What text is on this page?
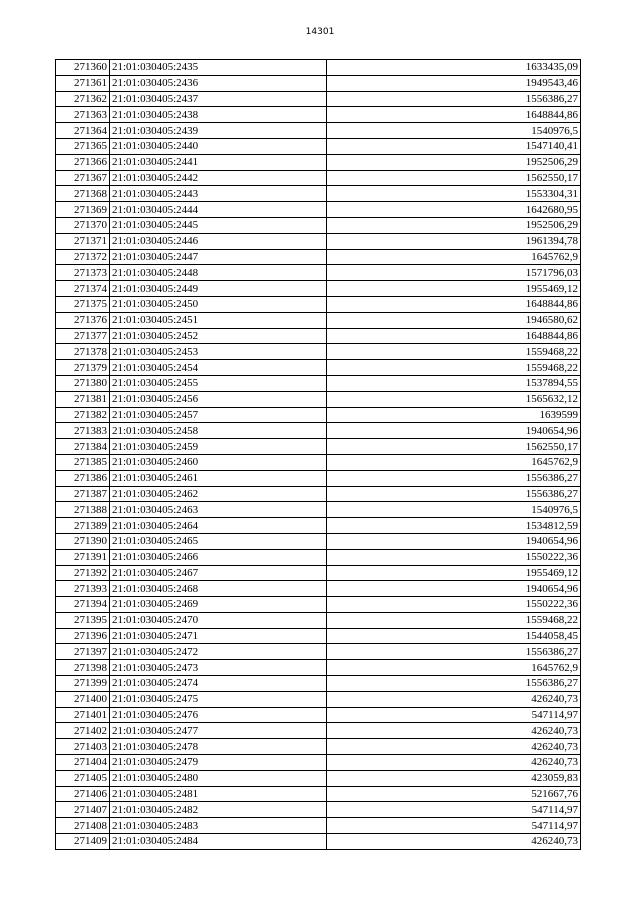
14301
271360	21:01:030405:2435	1633435,09
271361	21:01:030405:2436	1949543,46
271362	21:01:030405:2437	1556386,27
271363	21:01:030405:2438	1648844,86
271364	21:01:030405:2439	1540976,5
271365	21:01:030405:2440	1547140,41
271366	21:01:030405:2441	1952506,29
271367	21:01:030405:2442	1562550,17
271368	21:01:030405:2443	1553304,31
271369	21:01:030405:2444	1642680,95
271370	21:01:030405:2445	1952506,29
271371	21:01:030405:2446	1961394,78
271372	21:01:030405:2447	1645762,9
271373	21:01:030405:2448	1571796,03
271374	21:01:030405:2449	1955469,12
271375	21:01:030405:2450	1648844,86
271376	21:01:030405:2451	1946580,62
271377	21:01:030405:2452	1648844,86
271378	21:01:030405:2453	1559468,22
271379	21:01:030405:2454	1559468,22
271380	21:01:030405:2455	1537894,55
271381	21:01:030405:2456	1565632,12
271382	21:01:030405:2457	1639599
271383	21:01:030405:2458	1940654,96
271384	21:01:030405:2459	1562550,17
271385	21:01:030405:2460	1645762,9
271386	21:01:030405:2461	1556386,27
271387	21:01:030405:2462	1556386,27
271388	21:01:030405:2463	1540976,5
271389	21:01:030405:2464	1534812,59
271390	21:01:030405:2465	1940654,96
271391	21:01:030405:2466	1550222,36
271392	21:01:030405:2467	1955469,12
271393	21:01:030405:2468	1940654,96
271394	21:01:030405:2469	1550222,36
271395	21:01:030405:2470	1559468,22
271396	21:01:030405:2471	1544058,45
271397	21:01:030405:2472	1556386,27
271398	21:01:030405:2473	1645762,9
271399	21:01:030405:2474	1556386,27
271400	21:01:030405:2475	426240,73
271401	21:01:030405:2476	547114,97
271402	21:01:030405:2477	426240,73
271403	21:01:030405:2478	426240,73
271404	21:01:030405:2479	426240,73
271405	21:01:030405:2480	423059,83
271406	21:01:030405:2481	521667,76
271407	21:01:030405:2482	547114,97
271408	21:01:030405:2483	547114,97
271409	21:01:030405:2484	426240,73
